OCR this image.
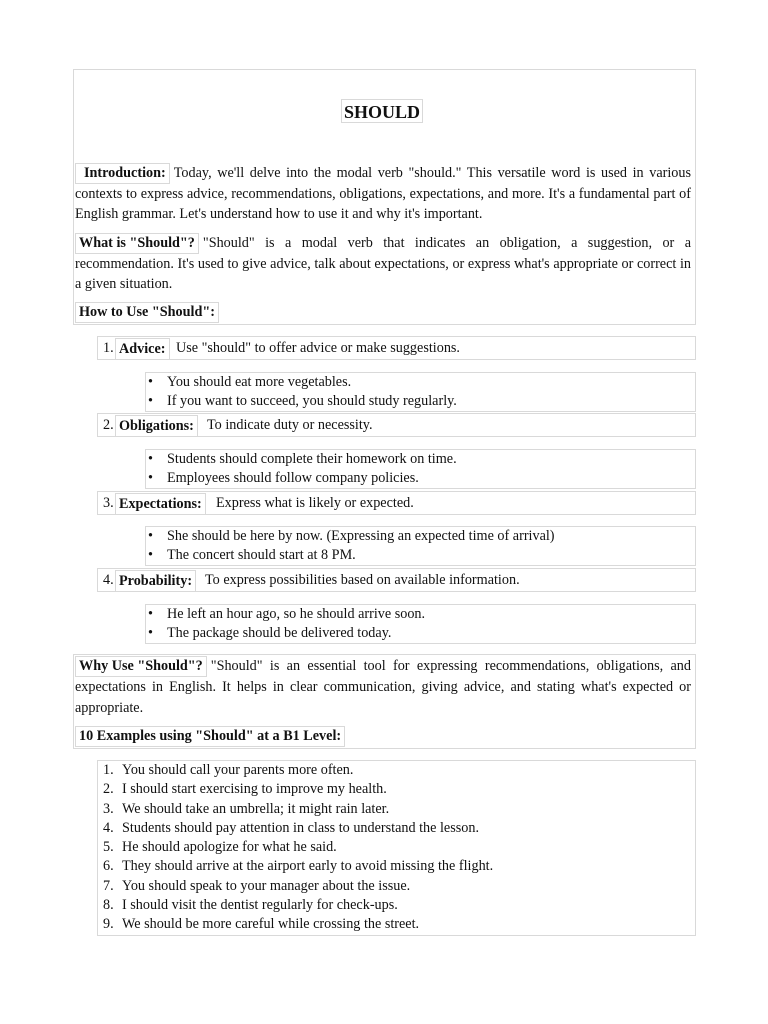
SHOULD

Introduction: Today, we'll delve into the modal verb "should." This versatile word is used in various contexts to express advice, recommendations, obligations, expectations, and more. It's a fundamental part of English grammar. Let's understand how to use it and why it's important.

What is "Should"? "Should" is a modal verb that indicates an obligation, a suggestion, or a recommendation. It's used to give advice, talk about expectations, or express what's appropriate or correct in a given situation.

How to Use "Should":
1. Advice: Use "should" to offer advice or make suggestions.
• You should eat more vegetables.
• If you want to succeed, you should study regularly.
2. Obligations: To indicate duty or necessity.
• Students should complete their homework on time.
• Employees should follow company policies.
3. Expectations: Express what is likely or expected.
• She should be here by now. (Expressing an expected time of arrival)
• The concert should start at 8 PM.
4. Probability: To express possibilities based on available information.
• He left an hour ago, so he should arrive soon.
• The package should be delivered today.

Why Use "Should"? "Should" is an essential tool for expressing recommendations, obligations, and expectations in English. It helps in clear communication, giving advice, and stating what's expected or appropriate.

10 Examples using "Should" at a B1 Level:
1. You should call your parents more often.
2. I should start exercising to improve my health.
3. We should take an umbrella; it might rain later.
4. Students should pay attention in class to understand the lesson.
5. He should apologize for what he said.
6. They should arrive at the airport early to avoid missing the flight.
7. You should speak to your manager about the issue.
8. I should visit the dentist regularly for check-ups.
9. We should be more careful while crossing the street.
